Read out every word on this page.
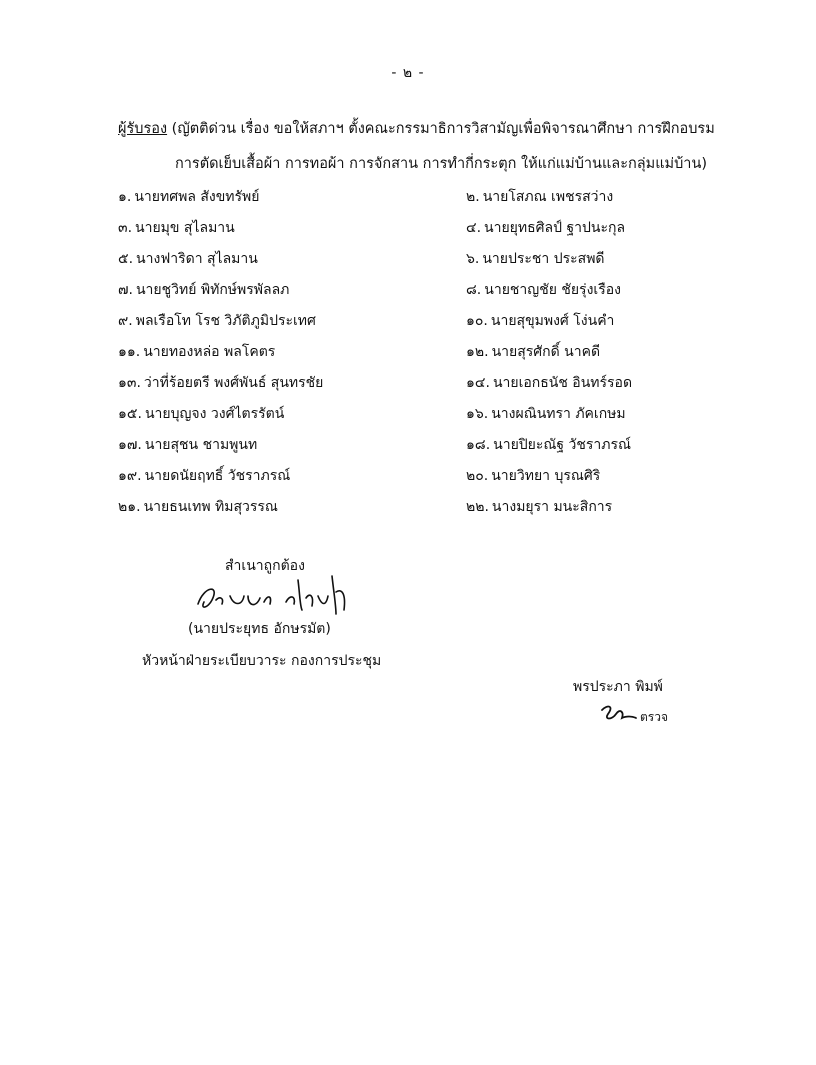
- ๒ -
ผู้รับรอง (ญัตติด่วน เรื่อง ขอให้สภาฯ ตั้งคณะกรรมาธิการวิสามัญเพื่อพิจารณาศึกษา การฝึกอบรม
การตัดเย็บเสื้อผ้า การทอผ้า การจักสาน การทำกี่กระตุก ให้แก่แม่บ้านและกลุ่มแม่บ้าน)
๑. นายทศพล สังขทรัพย์	๒. นายโสภณ เพชรสว่าง
๓. นายมุข สุไลมาน	๔. นายยุทธศิลป์ ฐาปนะกุล
๕. นางฟาริดา สุไลมาน	๖. นายประชา ประสพดี
๗. นายชูวิทย์ พิทักษ์พรพัลลภ	๘. นายชาญชัย ชัยรุ่งเรือง
๙. พลเรือโท โรช วิภัติภูมิประเทศ	๑๐. นายสุขุมพงศ์ โง่นคำ
๑๑. นายทองหล่อ พลโคตร	๑๒. นายสุรศักดิ์ นาคดี
๑๓. ว่าที่ร้อยตรี พงศ์พันธ์ สุนทรชัย	๑๔. นายเอกธนัช อินทร์รอด
๑๕. นายบุญจง วงศ์ไตรรัตน์	๑๖. นางผณินทรา ภัคเกษม
๑๗. นายสุชน ชามพูนท	๑๘. นายปิยะณัฐ วัชราภรณ์
๑๙. นายดนัยฤทธิ์ วัชราภรณ์	๒๐. นายวิทยา บุรณศิริ
๒๑. นายธนเทพ ทิมสุวรรณ	๒๒. นางมยุรา มนะสิการ
สำเนาถูกต้อง
(นายประยุทธ อักษรมัต)
หัวหน้าฝ่ายระเบียบวาระ กองการประชุม
พรประภา พิมพ์
ตรวจ
